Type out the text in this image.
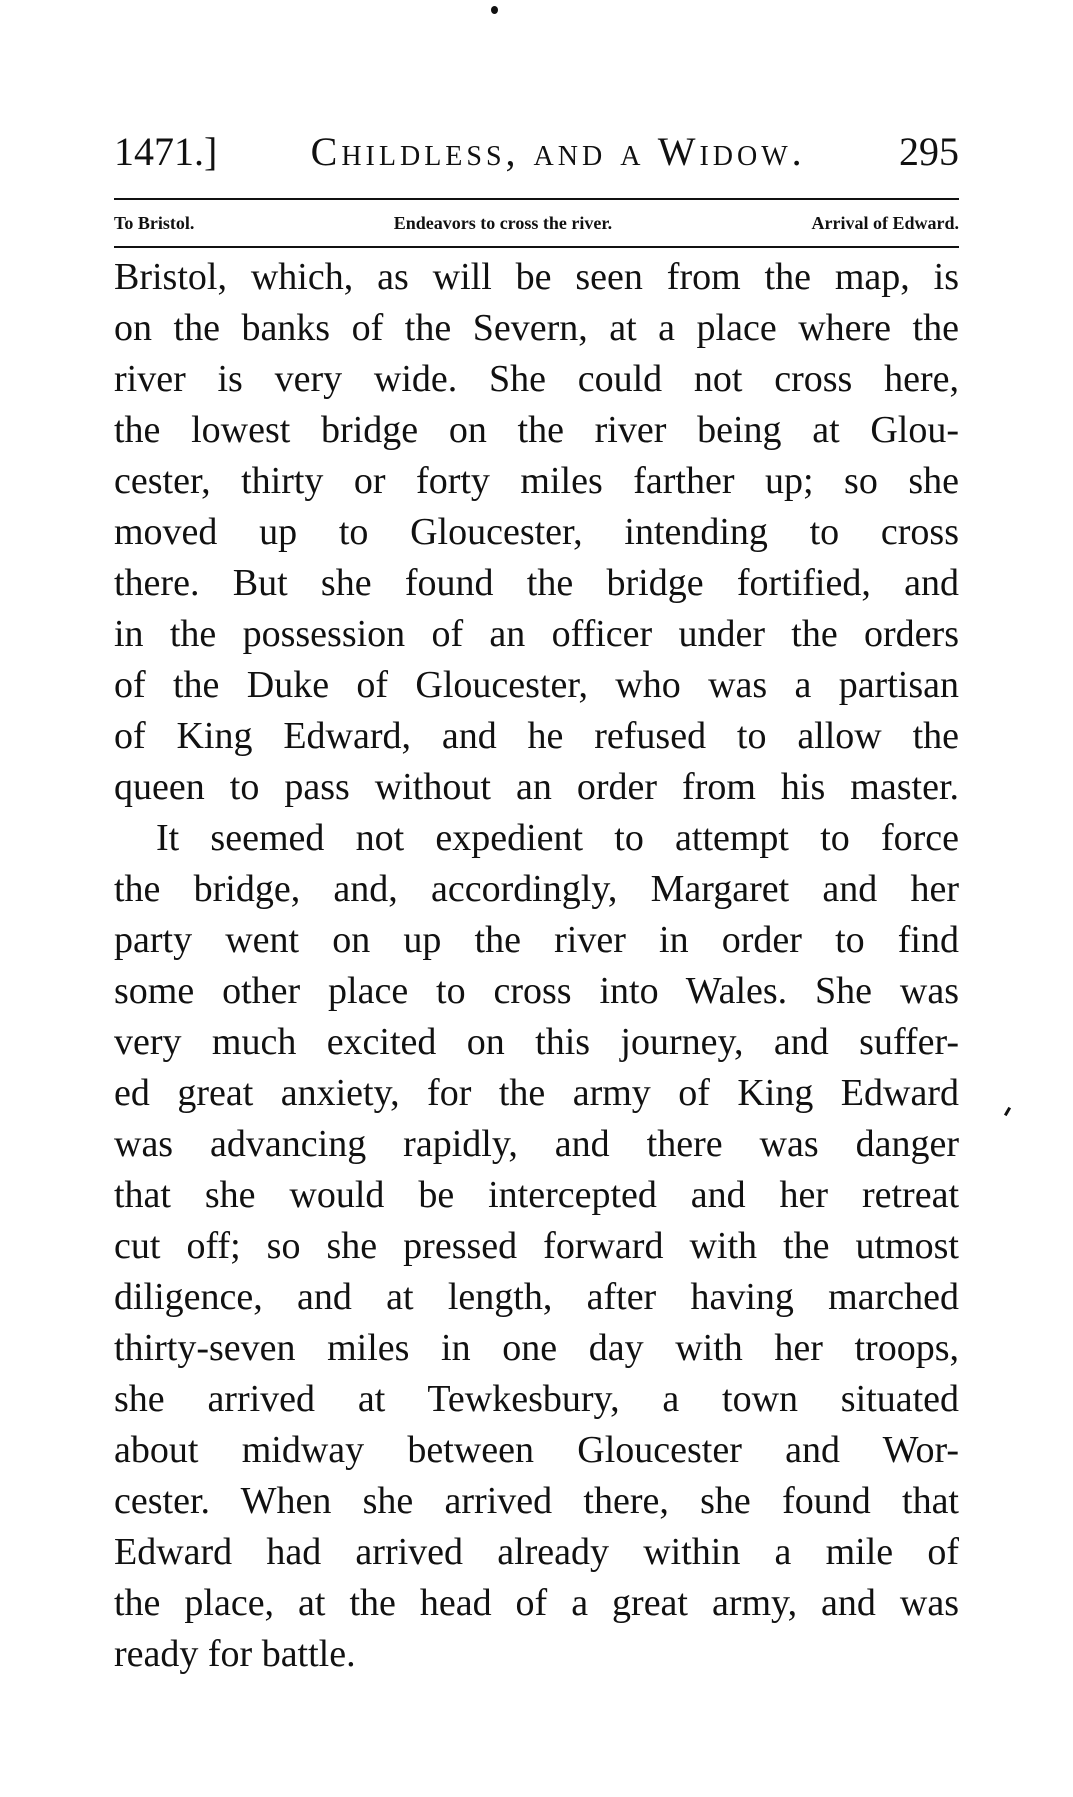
1471.] Childless, and a Widow. 295
To Bristol.	Endeavors to cross the river.	Arrival of Edward.
Bristol, which, as will be seen from the map, is
on the banks of the Severn, at a place where the
river is very wide. She could not cross here,
the lowest bridge on the river being at Glou-
cester, thirty or forty miles farther up; so she
moved up to Gloucester, intending to cross
there. But she found the bridge fortified, and
in the possession of an officer under the orders
of the Duke of Gloucester, who was a partisan
of King Edward, and he refused to allow the
queen to pass without an order from his master.
It seemed not expedient to attempt to force
the bridge, and, accordingly, Margaret and her
party went on up the river in order to find
some other place to cross into Wales. She was
very much excited on this journey, and suffer-
ed great anxiety, for the army of King Edward
was advancing rapidly, and there was danger
that she would be intercepted and her retreat
cut off; so she pressed forward with the utmost
diligence, and at length, after having marched
thirty-seven miles in one day with her troops,
she arrived at Tewkesbury, a town situated
about midway between Gloucester and Wor-
cester. When she arrived there, she found that
Edward had arrived already within a mile of
the place, at the head of a great army, and was
ready for battle.
